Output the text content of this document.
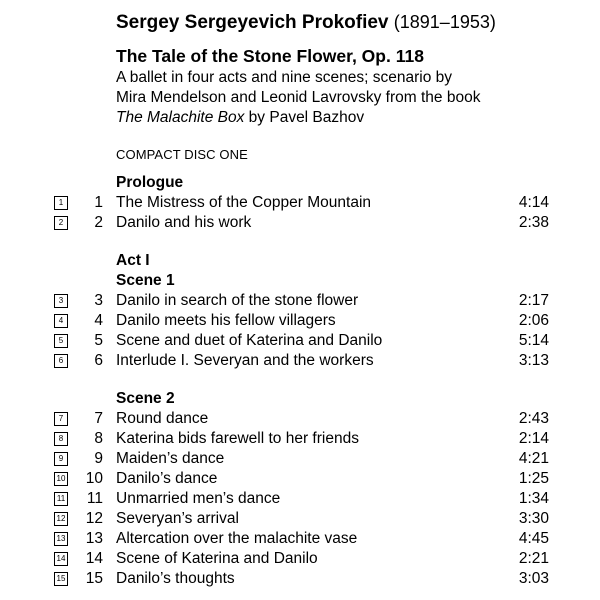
Sergey Sergeyevich Prokofiev (1891–1953)
The Tale of the Stone Flower, Op. 118
A ballet in four acts and nine scenes; scenario by
Mira Mendelson and Leonid Lavrovsky from the book
The Malachite Box by Pavel Bazhov
COMPACT DISC ONE
Prologue
Act I
Scene 1
Scene 2
1	1 The Mistress of the Copper Mountain	4:14
2	2 Danilo and his work	2:38
3	3 Danilo in search of the stone flower	2:17
4	4 Danilo meets his fellow villagers	2:06
5	5 Scene and duet of Katerina and Danilo	5:14
6	6 Interlude I. Severyan and the workers	3:13
7	7 Round dance	2:43
8	8 Katerina bids farewell to her friends	2:14
9	9 Maiden’s dance	4:21
10	10 Danilo’s dance	1:25
11	11 Unmarried men’s dance	1:34
12	12 Severyan’s arrival	3:30
13	13 Altercation over the malachite vase	4:45
14	14 Scene of Katerina and Danilo	2:21
15	15 Danilo’s thoughts	3:03
